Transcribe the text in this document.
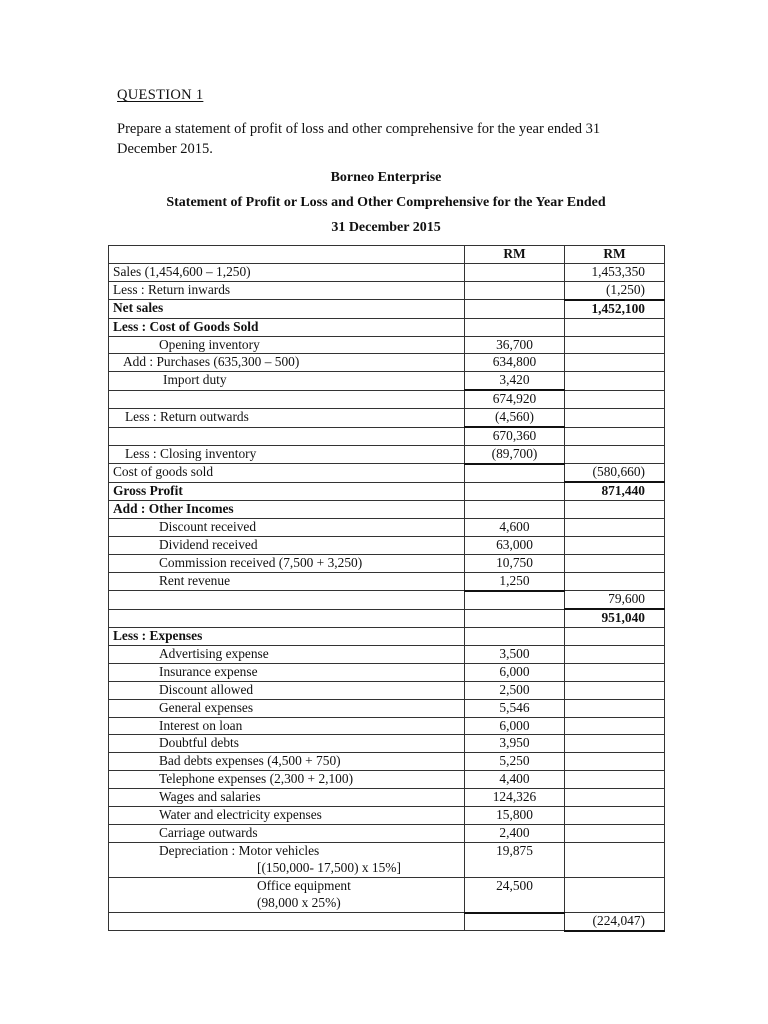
QUESTION 1
Prepare a statement of profit of loss and other comprehensive for the year ended 31 December 2015.
Borneo Enterprise
Statement of Profit or Loss and Other Comprehensive for the Year Ended
31 December 2015
	RM	RM
Sales (1,454,600 – 1,250)		1,453,350
Less : Return inwards		(1,250)
Net sales		1,452,100
Less : Cost of Goods Sold		
Opening inventory	36,700	
Add : Purchases (635,300 – 500)	634,800	
Import duty	3,420	
	674,920	
Less : Return outwards	(4,560)	
	670,360	
Less : Closing inventory	(89,700)	
Cost of goods sold		(580,660)
Gross Profit		871,440
Add : Other Incomes		
Discount received	4,600	
Dividend received	63,000	
Commission received (7,500 + 3,250)	10,750	
Rent revenue	1,250	
		79,600
		951,040
Less : Expenses		
Advertising expense	3,500	
Insurance expense	6,000	
Discount allowed	2,500	
General expenses	5,546	
Interest on loan	6,000	
Doubtful debts	3,950	
Bad debts expenses (4,500 + 750)	5,250	
Telephone expenses (2,300 + 2,100)	4,400	
Wages and salaries	124,326	
Water and electricity expenses	15,800	
Carriage outwards	2,400	
Depreciation : Motor vehicles	19,875	
[(150,000- 17,500) x 15%]		
Office equipment	24,500	
(98,000 x 25%)		
		(224,047)
